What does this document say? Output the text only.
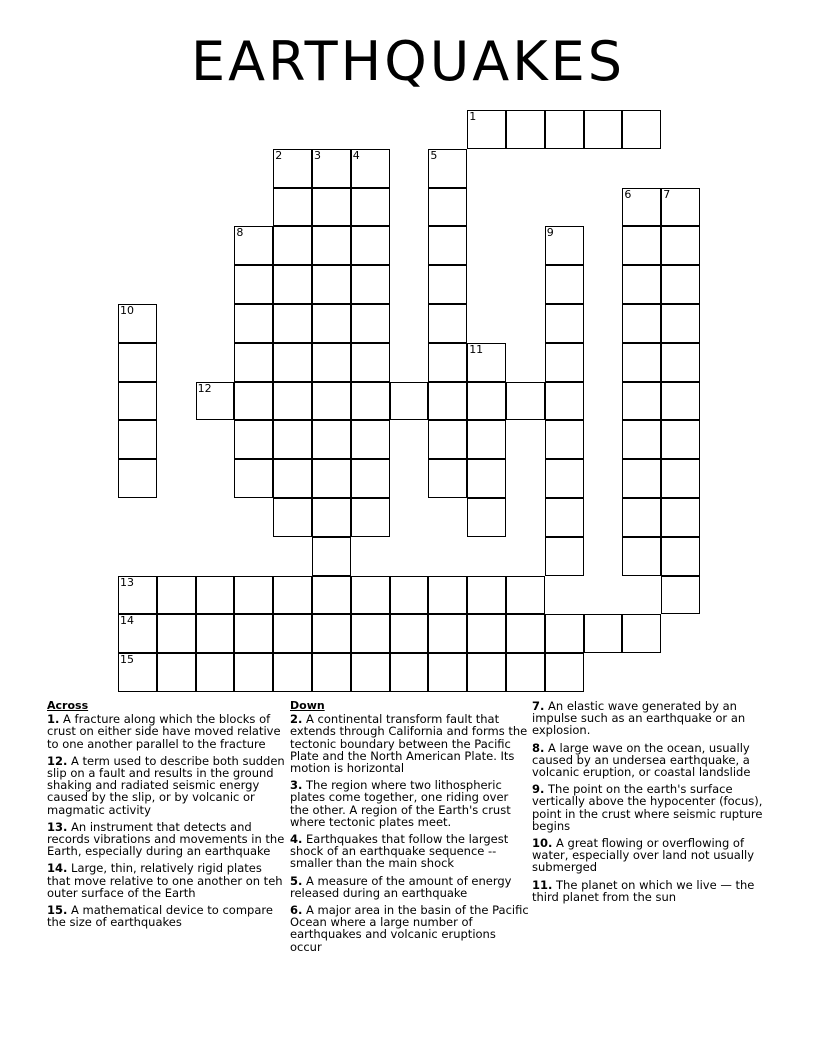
EARTHQUAKES
1
2	3	4	5
6	7
8	9
10
11
12
13
14
15
Across
1. A fracture along which the blocks of crust on either side have moved relative to one another parallel to the fracture
12. A term used to describe both sudden slip on a fault and results in the ground shaking and radiated seismic energy caused by the slip, or by volcanic or magmatic activity
13. An instrument that detects and records vibrations and movements in the Earth, especially during an earthquake
14. Large, thin, relatively rigid plates that move relative to one another on teh outer surface of the Earth
15. A mathematical device to compare the size of earthquakes
Down
2. A continental transform fault that extends through California and forms the tectonic boundary between the Pacific Plate and the North American Plate. Its motion is horizontal
3. The region where two lithospheric plates come together, one riding over the other. A region of the Earth's crust where tectonic plates meet.
4. Earthquakes that follow the largest shock of an earthquake sequence -- smaller than the main shock
5. A measure of the amount of energy released during an earthquake
6. A major area in the basin of the Pacific Ocean where a large number of earthquakes and volcanic eruptions occur
7. An elastic wave generated by an impulse such as an earthquake or an explosion.
8. A large wave on the ocean, usually caused by an undersea earthquake, a volcanic eruption, or coastal landslide
9. The point on the earth's surface vertically above the hypocenter (focus), point in the crust where seismic rupture begins
10. A great flowing or overflowing of water, especially over land not usually submerged
11. The planet on which we live — the third planet from the sun
